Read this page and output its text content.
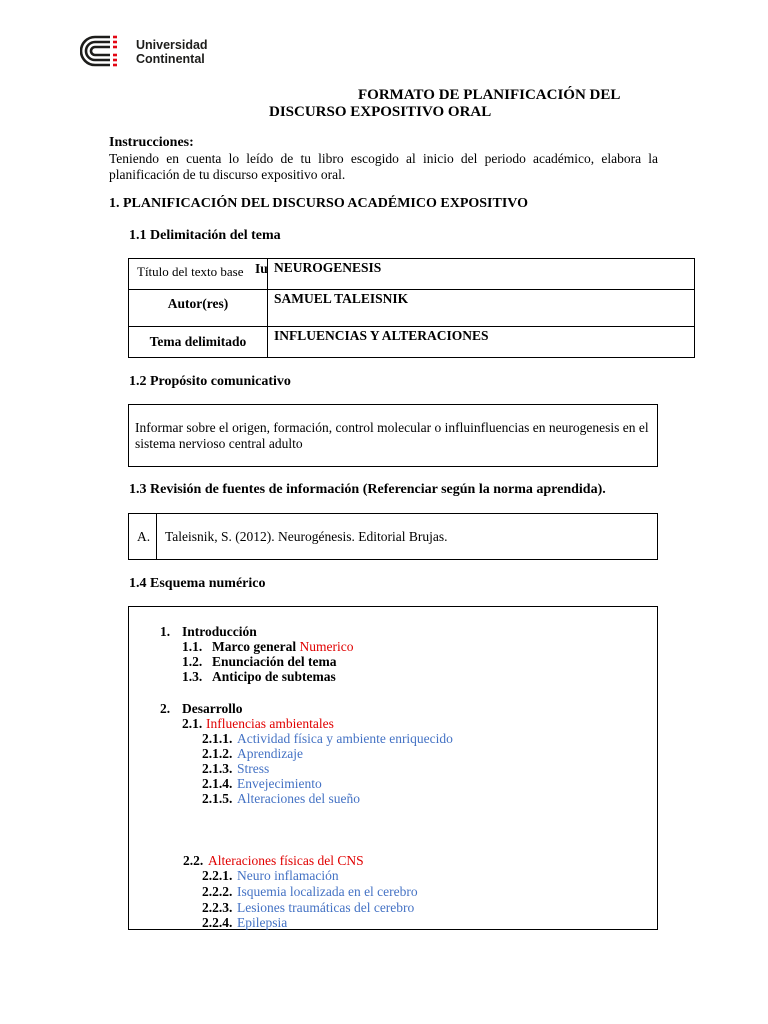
Universidad
Continental
FORMATO DE PLANIFICACIÓN DEL
DISCURSO EXPOSITIVO ORAL
Instrucciones:
Teniendo en cuenta lo leído de tu libro escogido al inicio del periodo académico, elabora la planificación de tu discurso expositivo oral.
1. PLANIFICACIÓN DEL DISCURSO ACADÉMICO EXPOSITIVO
1.1 Delimitación del tema
Título del texto base Iu	NEUROGENESIS
Autor(res)	SAMUEL TALEISNIK
Tema delimitado	INFLUENCIAS Y ALTERACIONES
1.2 Propósito comunicativo
Informar sobre el origen, formación, control molecular o influinfluencias en neurogenesis en el sistema nervioso central adulto
1.3 Revisión de fuentes de información (Referenciar según la norma aprendida).
A. Taleisnik, S. (2012). Neurogénesis. Editorial Brujas.
1.4 Esquema numérico
1. Introducción
1.1. Marco general Numerico
1.2. Enunciación del tema
1.3. Anticipo de subtemas
2. Desarrollo
2.1. Influencias ambientales
2.1.1. Actividad física y ambiente enriquecido
2.1.2. Aprendizaje
2.1.3. Stress
2.1.4. Envejecimiento
2.1.5. Alteraciones del sueño
2.2. Alteraciones físicas del CNS
2.2.1. Neuro inflamación
2.2.2. Isquemia localizada en el cerebro
2.2.3. Lesiones traumáticas del cerebro
2.2.4. Epilepsia
